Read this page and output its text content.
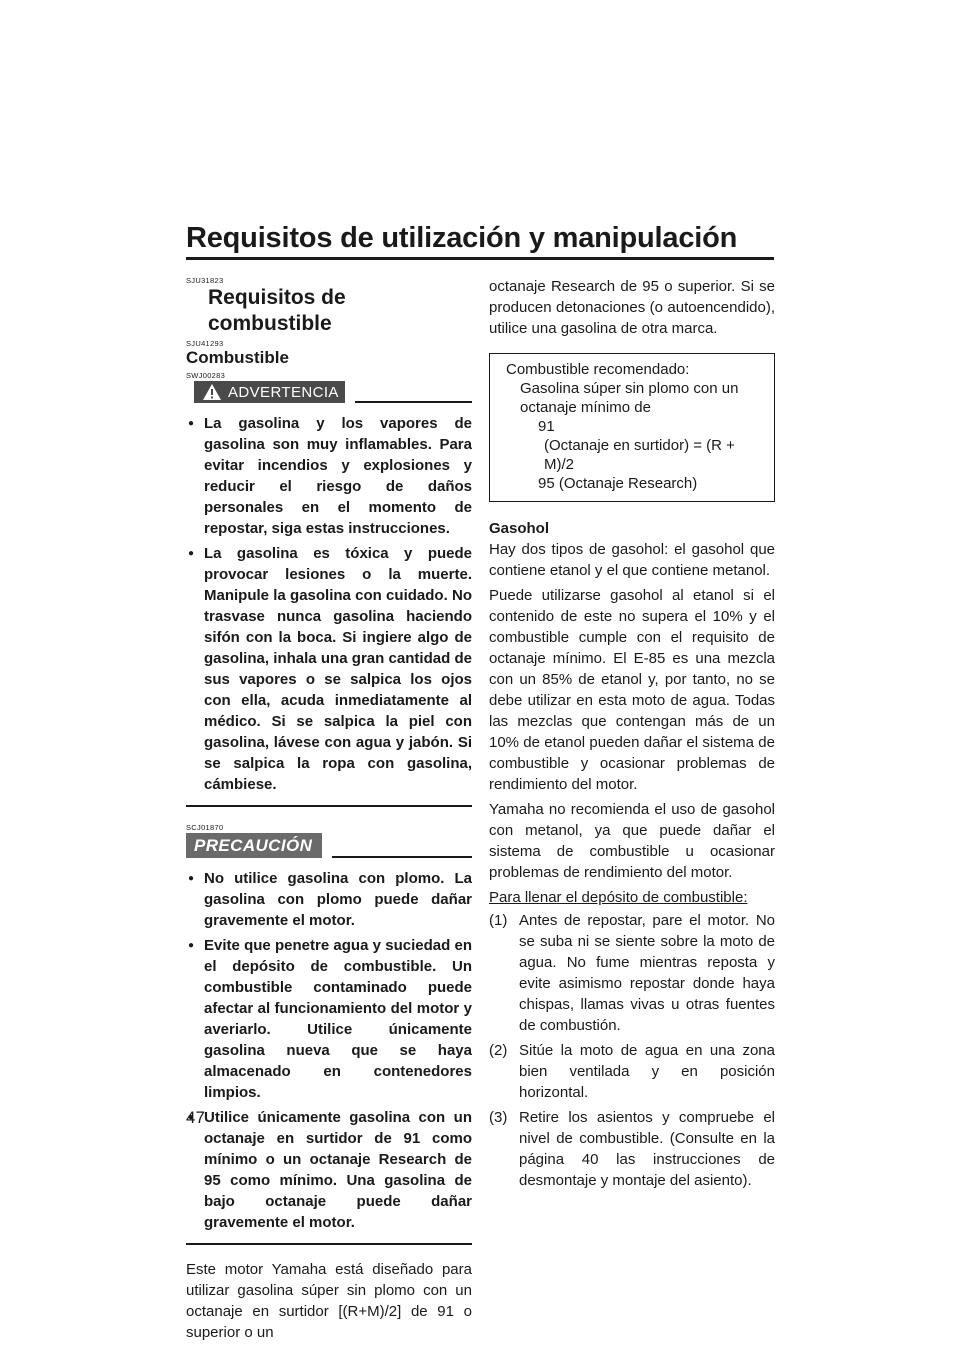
Requisitos de utilización y manipulación
SJU31823
Requisitos de combustible
SJU41293
Combustible
SWJ00283
ADVERTENCIA
● La gasolina y los vapores de gasolina son muy inflamables. Para evitar incendios y explosiones y reducir el riesgo de daños personales en el momento de repostar, siga estas instrucciones.
● La gasolina es tóxica y puede provocar lesiones o la muerte. Manipule la gasolina con cuidado. No trasvase nunca gasolina haciendo sifón con la boca. Si ingiere algo de gasolina, inhala una gran cantidad de sus vapores o se salpica los ojos con ella, acuda inmediatamente al médico. Si se salpica la piel con gasolina, lávese con agua y jabón. Si se salpica la ropa con gasolina, cámbiese.
SCJ01870
PRECAUCIÓN
● No utilice gasolina con plomo. La gasolina con plomo puede dañar gravemente el motor.
● Evite que penetre agua y suciedad en el depósito de combustible. Un combustible contaminado puede afectar al funcionamiento del motor y averiarlo. Utilice únicamente gasolina nueva que se haya almacenado en contenedores limpios.
● Utilice únicamente gasolina con un octanaje en surtidor de 91 como mínimo o un octanaje Research de 95 como mínimo. Una gasolina de bajo octanaje puede dañar gravemente el motor.

Este motor Yamaha está diseñado para utilizar gasolina súper sin plomo con un octanaje en surtidor [(R+M)/2] de 91 o superior o un

octanaje Research de 95 o superior. Si se producen detonaciones (o autoencendido), utilice una gasolina de otra marca.

Combustible recomendado:
Gasolina súper sin plomo con un octanaje mínimo de
91
(Octanaje en surtidor) = (R + M)/2
95 (Octanaje Research)

Gasohol

Hay dos tipos de gasohol: el gasohol que contiene etanol y el que contiene metanol.

Puede utilizarse gasohol al etanol si el contenido de este no supera el 10% y el combustible cumple con el requisito de octanaje mínimo. El E-85 es una mezcla con un 85% de etanol y, por tanto, no se debe utilizar en esta moto de agua. Todas las mezclas que contengan más de un 10% de etanol pueden dañar el sistema de combustible y ocasionar problemas de rendimiento del motor.

Yamaha no recomienda el uso de gasohol con metanol, ya que puede dañar el sistema de combustible u ocasionar problemas de rendimiento del motor.

Para llenar el depósito de combustible:

(1) Antes de repostar, pare el motor. No se suba ni se siente sobre la moto de agua. No fume mientras reposta y evite asimismo repostar donde haya chispas, llamas vivas u otras fuentes de combustión.
(2) Sitúe la moto de agua en una zona bien ventilada y en posición horizontal.
(3) Retire los asientos y compruebe el nivel de combustible. (Consulte en la página 40 las instrucciones de desmontaje y montaje del asiento).
47
